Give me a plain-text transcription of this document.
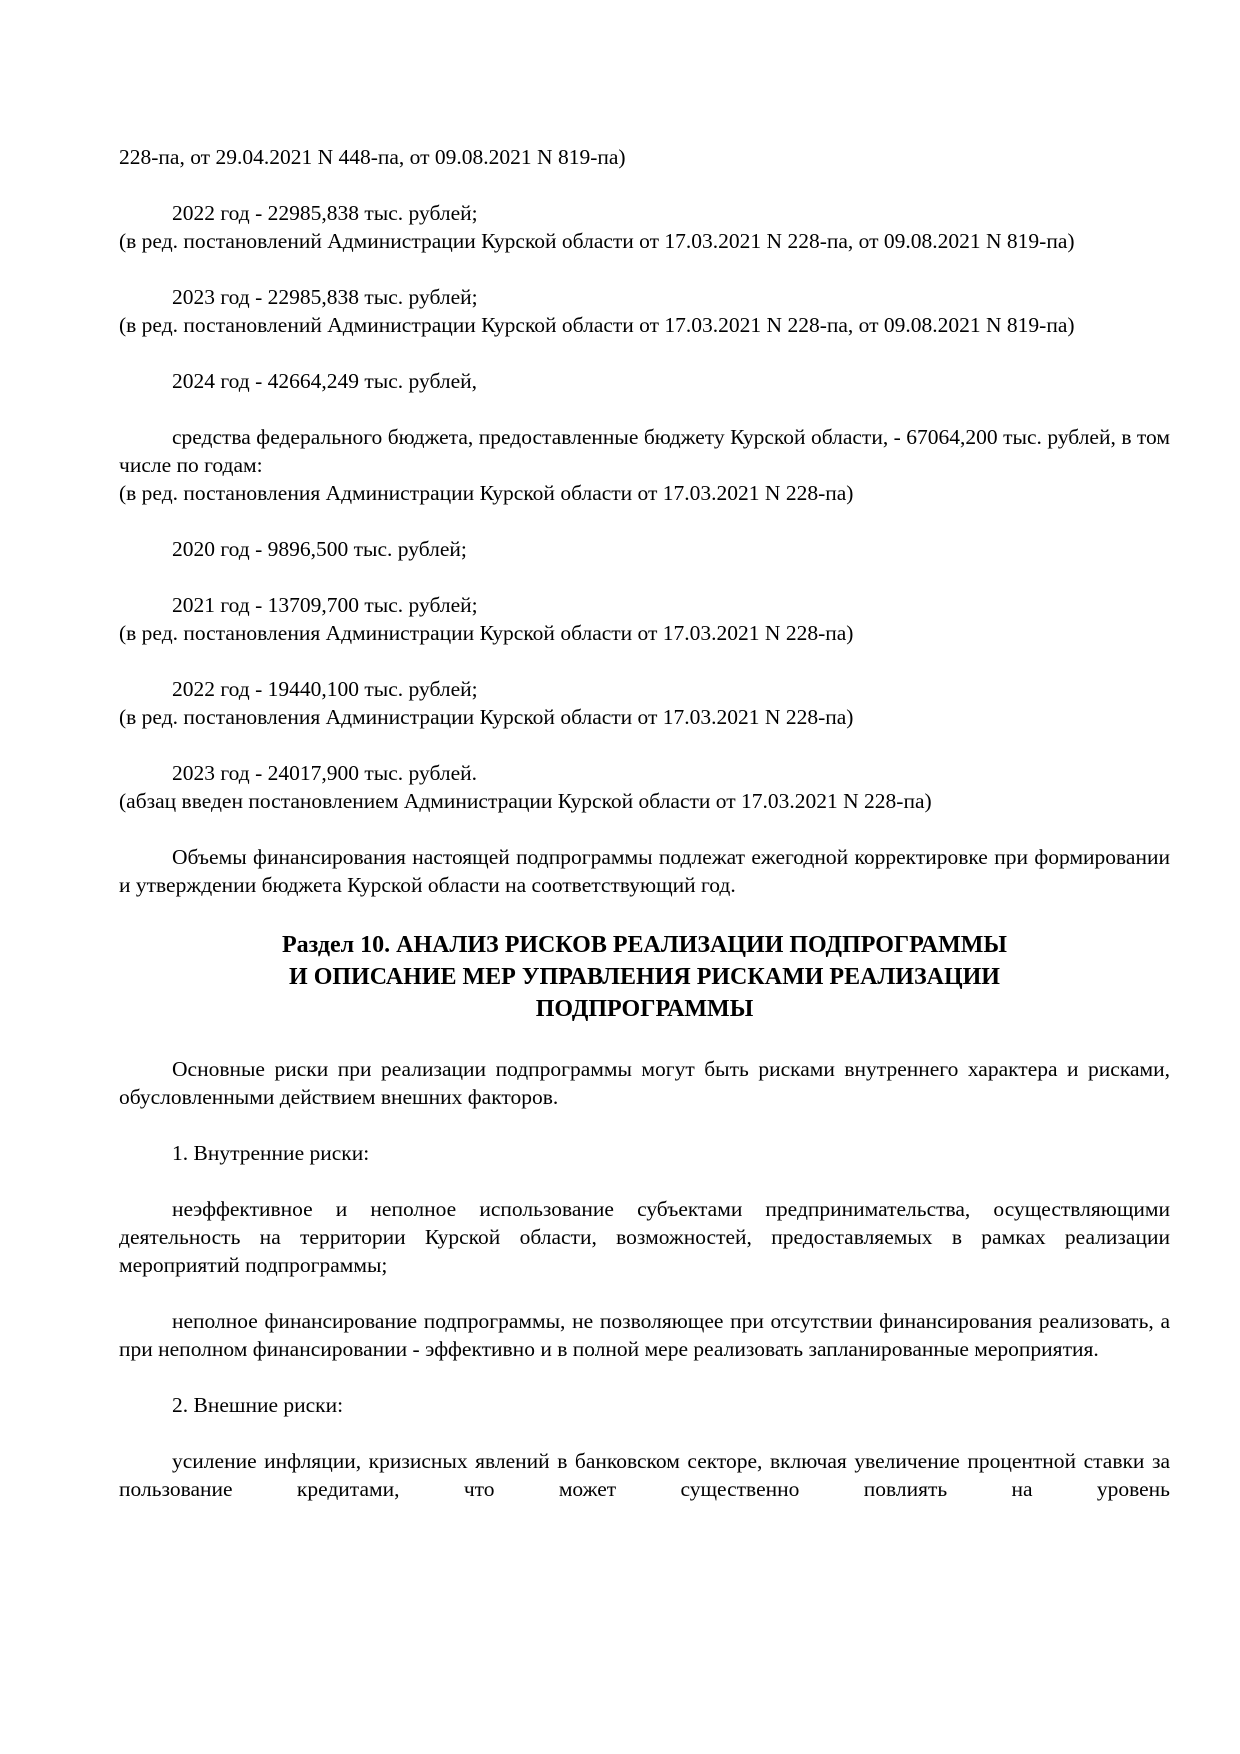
228-па, от 29.04.2021 N 448-па, от 09.08.2021 N 819-па)

2022 год - 22985,838 тыс. рублей;

(в ред. постановлений Администрации Курской области от 17.03.2021 N 228-па, от 09.08.2021 N 819-па)

2023 год - 22985,838 тыс. рублей;

(в ред. постановлений Администрации Курской области от 17.03.2021 N 228-па, от 09.08.2021 N 819-па)

2024 год - 42664,249 тыс. рублей,

средства федерального бюджета, предоставленные бюджету Курской области, - 67064,200 тыс. рублей, в том числе по годам:

(в ред. постановления Администрации Курской области от 17.03.2021 N 228-па)

2020 год - 9896,500 тыс. рублей;

2021 год - 13709,700 тыс. рублей;

(в ред. постановления Администрации Курской области от 17.03.2021 N 228-па)

2022 год - 19440,100 тыс. рублей;

(в ред. постановления Администрации Курской области от 17.03.2021 N 228-па)

2023 год - 24017,900 тыс. рублей.

(абзац введен постановлением Администрации Курской области от 17.03.2021 N 228-па)

Объемы финансирования настоящей подпрограммы подлежат ежегодной корректировке при формировании и утверждении бюджета Курской области на соответствующий год.

Раздел 10. АНАЛИЗ РИСКОВ РЕАЛИЗАЦИИ ПОДПРОГРАММЫ
И ОПИСАНИЕ МЕР УПРАВЛЕНИЯ РИСКАМИ РЕАЛИЗАЦИИ
ПОДПРОГРАММЫ

Основные риски при реализации подпрограммы могут быть рисками внутреннего характера и рисками, обусловленными действием внешних факторов.

1. Внутренние риски:

неэффективное и неполное использование субъектами предпринимательства, осуществляющими деятельность на территории Курской области, возможностей, предоставляемых в рамках реализации мероприятий подпрограммы;

неполное финансирование подпрограммы, не позволяющее при отсутствии финансирования реализовать, а при неполном финансировании - эффективно и в полной мере реализовать запланированные мероприятия.

2. Внешние риски:

усиление инфляции, кризисных явлений в банковском секторе, включая увеличение процентной ставки за пользование кредитами, что может существенно повлиять на уровень
